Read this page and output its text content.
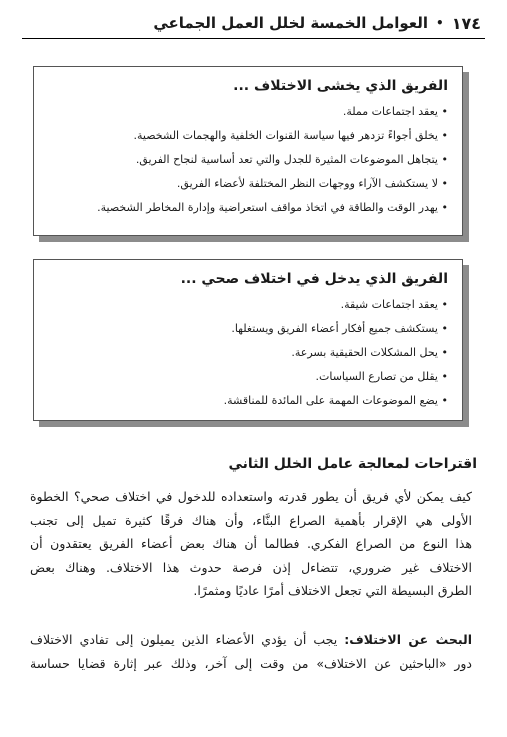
١٧٤
•
العوامل الخمسة لخلل العمل الجماعي
الفريق الذي يخشى الاختلاف ...
• يعقد اجتماعات مملة.
• يخلق أجواءً تزدهر فيها سياسة القنوات الخلفية والهجمات الشخصية.
• يتجاهل الموضوعات المثيرة للجدل والتي تعد أساسية لنجاح الفريق.
• لا يستكشف الآراء ووجهات النظر المختلفة لأعضاء الفريق.
• يهدر الوقت والطاقة في اتخاذ مواقف استعراضية وإدارة المخاطر الشخصية.
الفريق الذي يدخل في اختلاف صحي ...
• يعقد اجتماعات شيقة.
• يستكشف جميع أفكار أعضاء الفريق ويستغلها.
• يحل المشكلات الحقيقية بسرعة.
• يقلل من تصارع السياسات.
• يضع الموضوعات المهمة على المائدة للمناقشة.
اقتراحات لمعالجة عامل الخلل الثاني
كيف يمكن لأي فريق أن يطور قدرته واستعداده للدخول في اختلاف صحي؟ الخطوة
الأولى هي الإقرار بأهمية الصراع البنَّاء، وأن هناك فرقًا كثيرة تميل إلى تجنب
هذا النوع من الصراع الفكري. فطالما أن هناك بعض أعضاء الفريق يعتقدون أن
الاختلاف غير ضروري، تتضاءل إذن فرصة حدوث هذا الاختلاف. وهناك بعض
الطرق البسيطة التي تجعل الاختلاف أمرًا عاديًا ومثمرًا.
البحث عن الاختلاف: يجب أن يؤدي الأعضاء الذين يميلون إلى تفادي الاختلاف
دور «الباحثين عن الاختلاف» من وقت إلى آخر، وذلك عبر إثارة قضايا حساسة
